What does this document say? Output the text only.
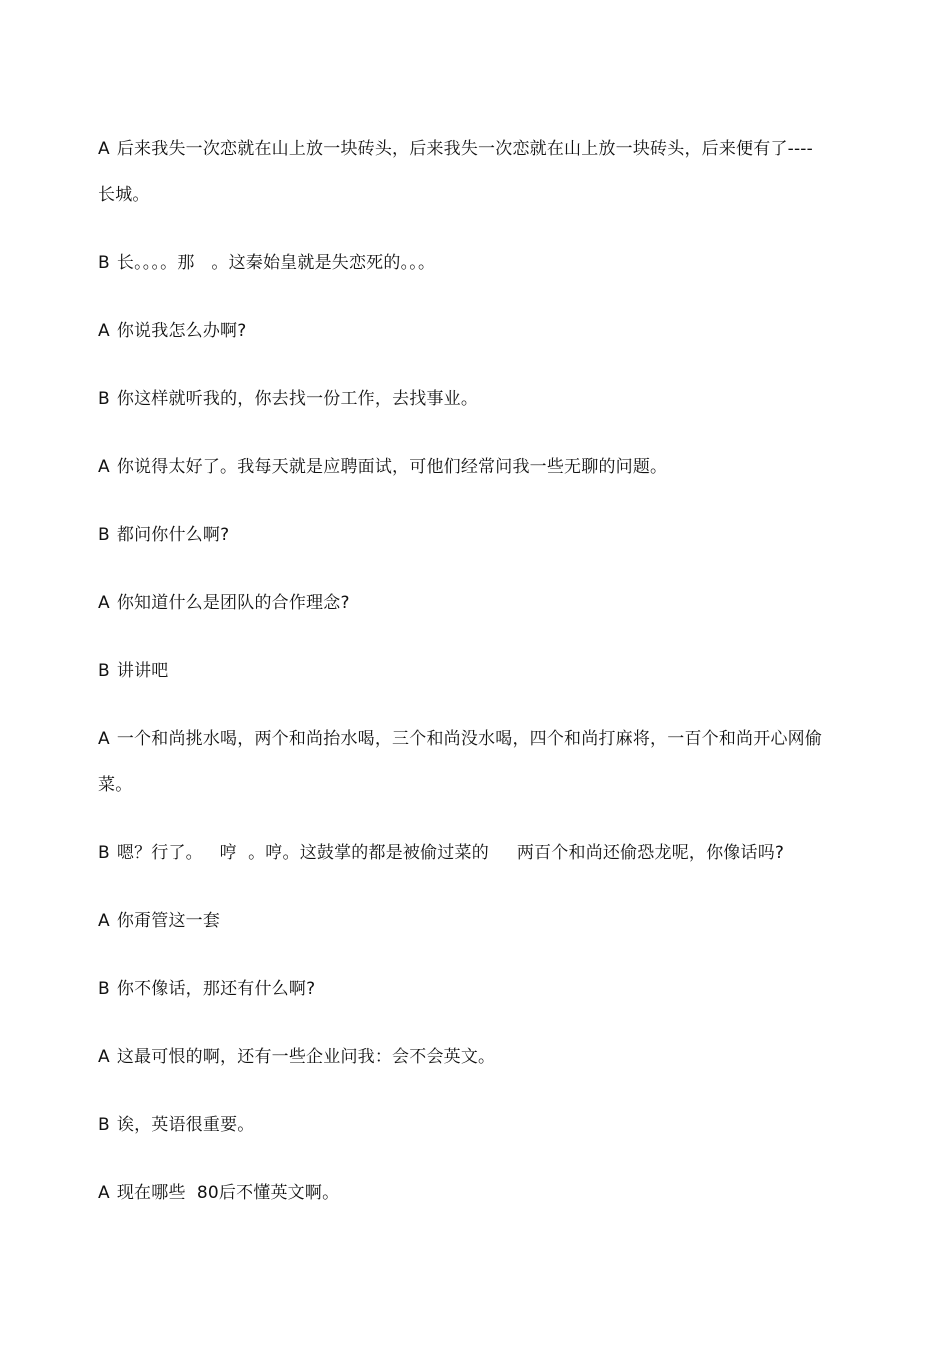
A 后来我失一次恋就在山上放一块砖头，后来我失一次恋就在山上放一块砖头，后来便有了----   长城。

B 长。。。。那   。这秦始皇就是失恋死的。。。

A 你说我怎么办啊?

B 你这样就听我的，你去找一份工作，去找事业。

A 你说得太好了。我每天就是应聘面试，可他们经常问我一些无聊的问题。

B 都问你什么啊?

A 你知道什么是团队的合作理念?

B 讲讲吧

A 一个和尚挑水喝，两个和尚抬水喝，三个和尚没水喝，四个和尚打麻将，一百个和尚开心网偷菜。

B 嗯？行了。   哼  。哼。这鼓掌的都是被偷过菜的     两百个和尚还偷恐龙呢，你像话吗?

A 你甭管这一套

B 你不像话，那还有什么啊?

A 这最可恨的啊，还有一些企业问我：会不会英文。

B 诶，英语很重要。

A 现在哪些  80后不懂英文啊。
